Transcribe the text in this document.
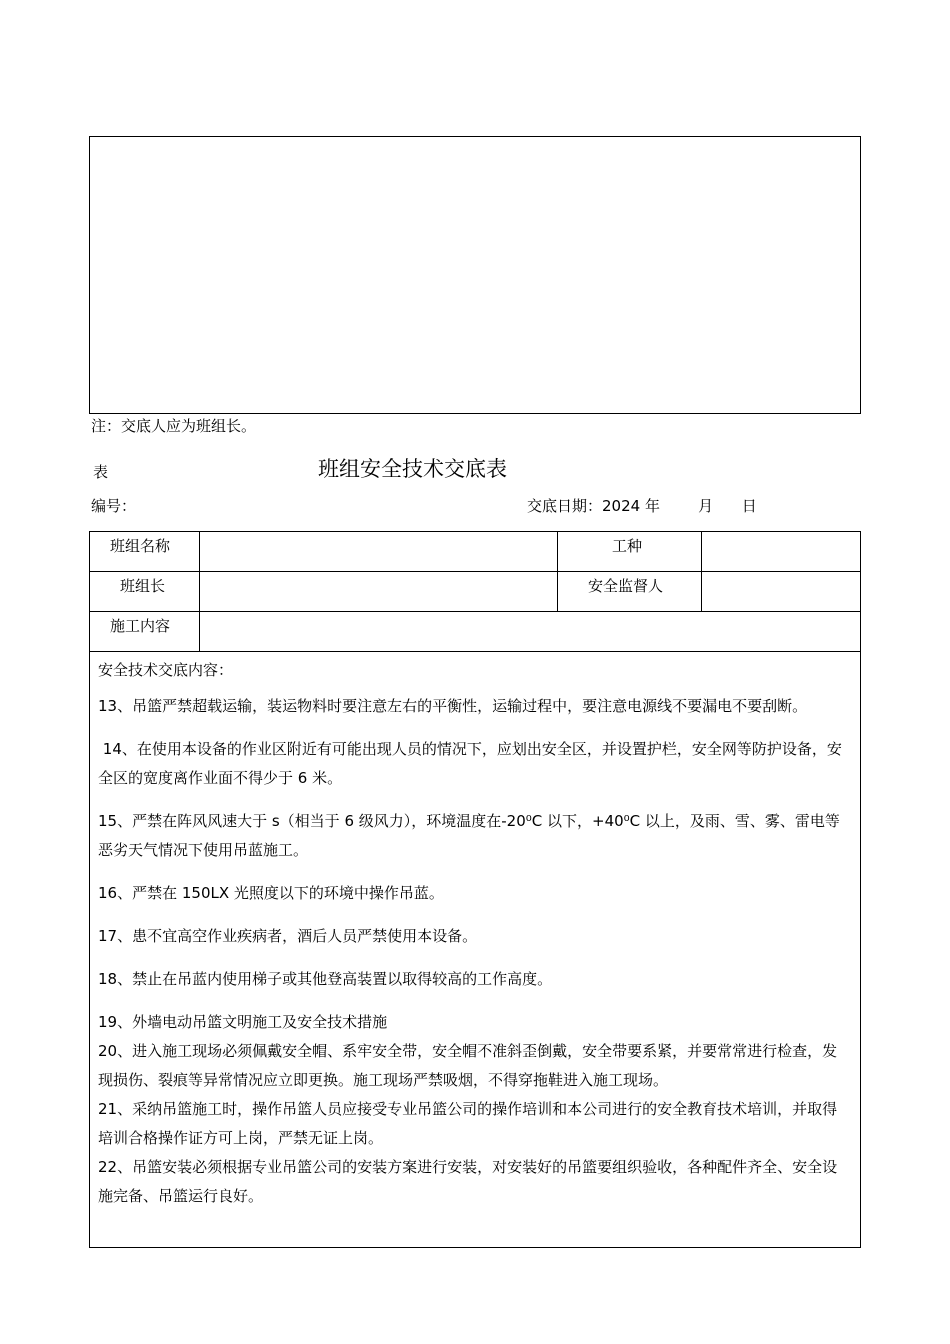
注：交底人应为班组长。
表	班组安全技术交底表
编号：	交底日期：2024 年        月      日
班组名称	工种
班组长	安全监督人
施工内容

安全技术交底内容：

13、吊篮严禁超载运输，装运物料时要注意左右的平衡性，运输过程中，要注意电源线不要漏电不要刮断。

14、在使用本设备的作业区附近有可能出现人员的情况下，应划出安全区，并设置护栏，安全网等防护设备，安全区的宽度离作业面不得少于 6 米。

15、严禁在阵风风速大于 s（相当于 6 级风力），环境温度在-20⁰C 以下，+40⁰C 以上，及雨、雪、雾、雷电等恶劣天气情况下使用吊蓝施工。

16、严禁在 150LX 光照度以下的环境中操作吊蓝。

17、患不宜高空作业疾病者，酒后人员严禁使用本设备。

18、禁止在吊蓝内使用梯子或其他登高装置以取得较高的工作高度。

19、外墙电动吊篮文明施工及安全技术措施

20、进入施工现场必须佩戴安全帽、系牢安全带，安全帽不准斜歪倒戴，安全带要系紧，并要常常进行检查，发现损伤、裂痕等异常情况应立即更换。施工现场严禁吸烟，不得穿拖鞋进入施工现场。

21、采纳吊篮施工时，操作吊篮人员应接受专业吊篮公司的操作培训和本公司进行的安全教育技术培训，并取得培训合格操作证方可上岗，严禁无证上岗。

22、吊篮安装必须根据专业吊篮公司的安装方案进行安装，对安装好的吊篮要组织验收，各种配件齐全、安全设施完备、吊篮运行良好。
